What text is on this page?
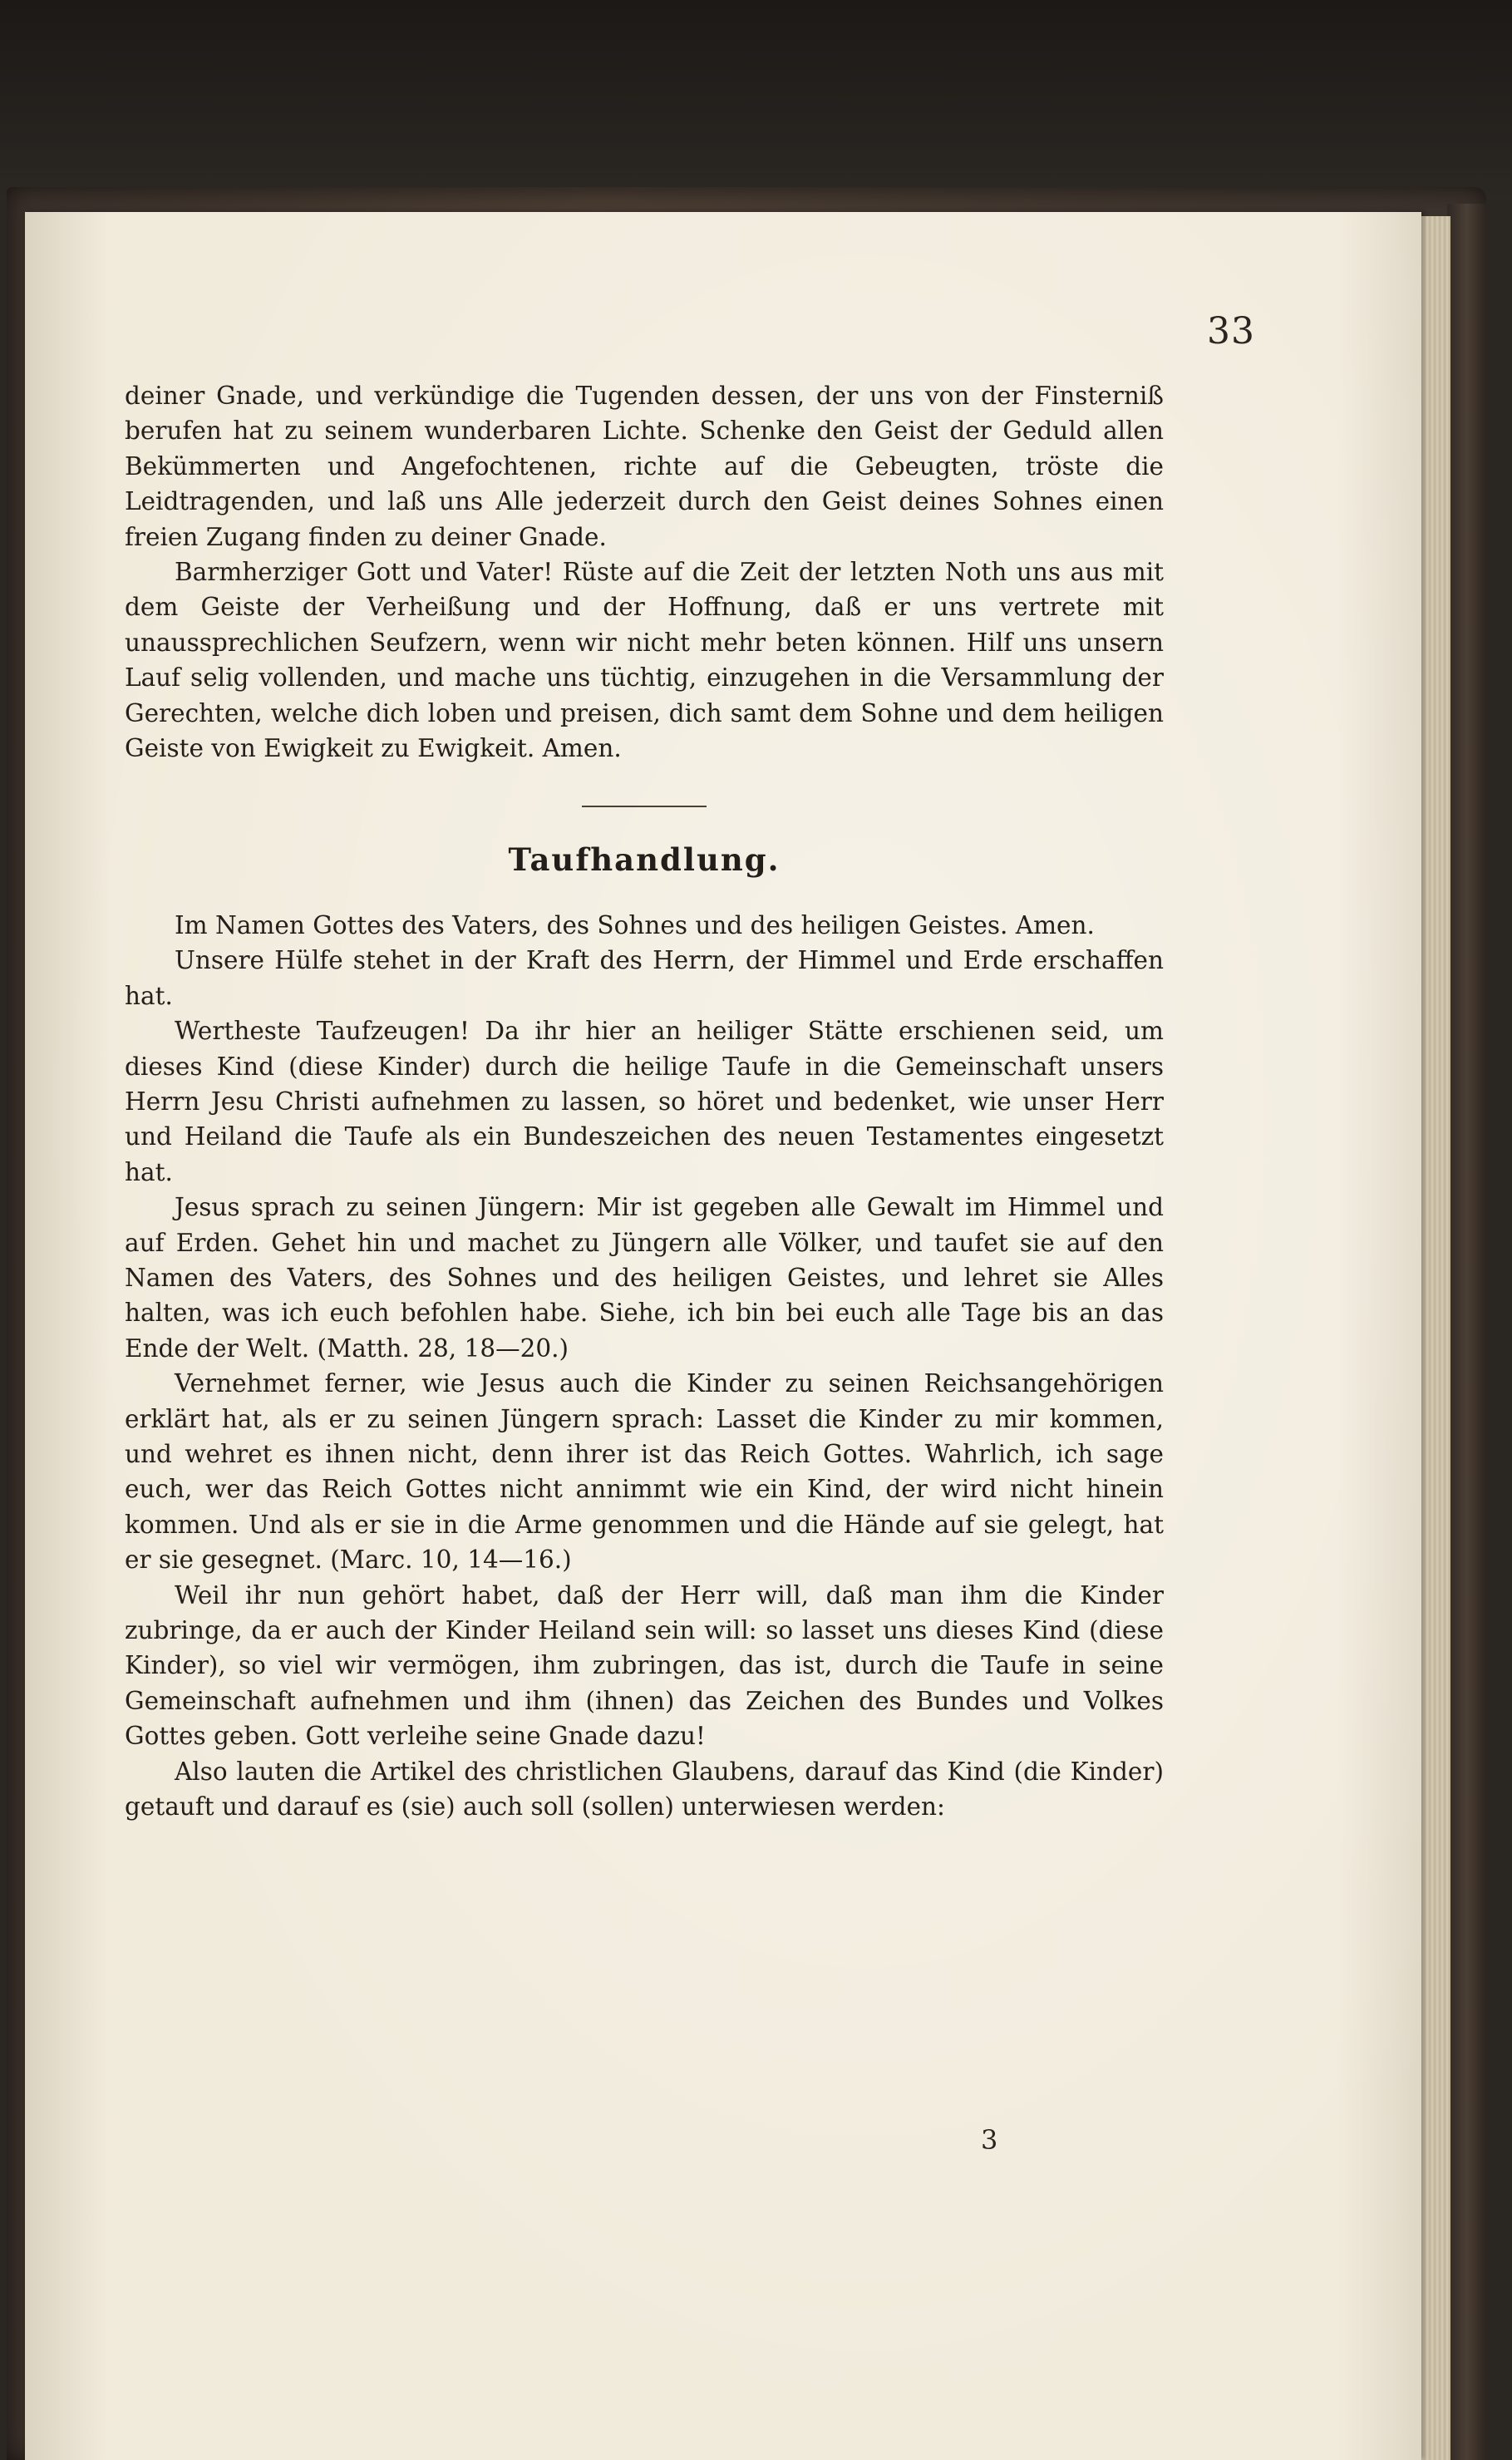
33

deiner Gnade, und verkündige die Tugenden dessen, der uns von der Finsterniß berufen hat zu seinem wunderbaren Lichte. Schenke den Geist der Geduld allen Bekümmerten und Angefochtenen, richte auf die Gebeugten, tröste die Leidtragenden, und laß uns Alle jederzeit durch den Geist deines Sohnes einen freien Zugang finden zu deiner Gnade.

Barmherziger Gott und Vater! Rüste auf die Zeit der letzten Noth uns aus mit dem Geiste der Verheißung und der Hoffnung, daß er uns vertrete mit unaussprechlichen Seufzern, wenn wir nicht mehr beten können. Hilf uns unsern Lauf selig vollenden, und mache uns tüchtig, einzugehen in die Versammlung der Gerechten, welche dich loben und preisen, dich samt dem Sohne und dem heiligen Geiste von Ewigkeit zu Ewigkeit. Amen.

Taufhandlung.

Im Namen Gottes des Vaters, des Sohnes und des heiligen Geistes. Amen.

Unsere Hülfe stehet in der Kraft des Herrn, der Himmel und Erde erschaffen hat.

Werthеste Taufzeugen! Da ihr hier an heiliger Stätte erschienen seid, um dieses Kind (diese Kinder) durch die heilige Taufe in die Gemeinschaft unsers Herrn Jesu Christi aufnehmen zu lassen, so höret und bedenket, wie unser Herr und Heiland die Taufe als ein Bundeszeichen des neuen Testamentes eingesetzt hat.

Jesus sprach zu seinen Jüngern: Mir ist gegeben alle Gewalt im Himmel und auf Erden. Gehet hin und machet zu Jüngern alle Völker, und taufet sie auf den Namen des Vaters, des Sohnes und des heiligen Geistes, und lehret sie Alles halten, was ich euch befohlen habe. Siehe, ich bin bei euch alle Tage bis an das Ende der Welt. (Matth. 28, 18—20.)

Vernehmet ferner, wie Jesus auch die Kinder zu seinen Reichsangehörigen erklärt hat, als er zu seinen Jüngern sprach: Lasset die Kinder zu mir kommen, und wehret es ihnen nicht, denn ihrer ist das Reich Gottes. Wahrlich, ich sage euch, wer das Reich Gottes nicht annimmt wie ein Kind, der wird nicht hinein kommen. Und als er sie in die Arme genommen und die Hände auf sie gelegt, hat er sie gesegnet. (Marc. 10, 14—16.)

Weil ihr nun gehört habet, daß der Herr will, daß man ihm die Kinder zubringe, da er auch der Kinder Heiland sein will: so lasset uns dieses Kind (diese Kinder), so viel wir vermögen, ihm zubringen, das ist, durch die Taufe in seine Gemeinschaft aufnehmen und ihm (ihnen) das Zeichen des Bundes und Volkes Gottes geben. Gott verleihe seine Gnade dazu!

Also lauten die Artikel des christlichen Glaubens, darauf das Kind (die Kinder) getauft und darauf es (sie) auch soll (sollen) unterwiesen werden:

3
